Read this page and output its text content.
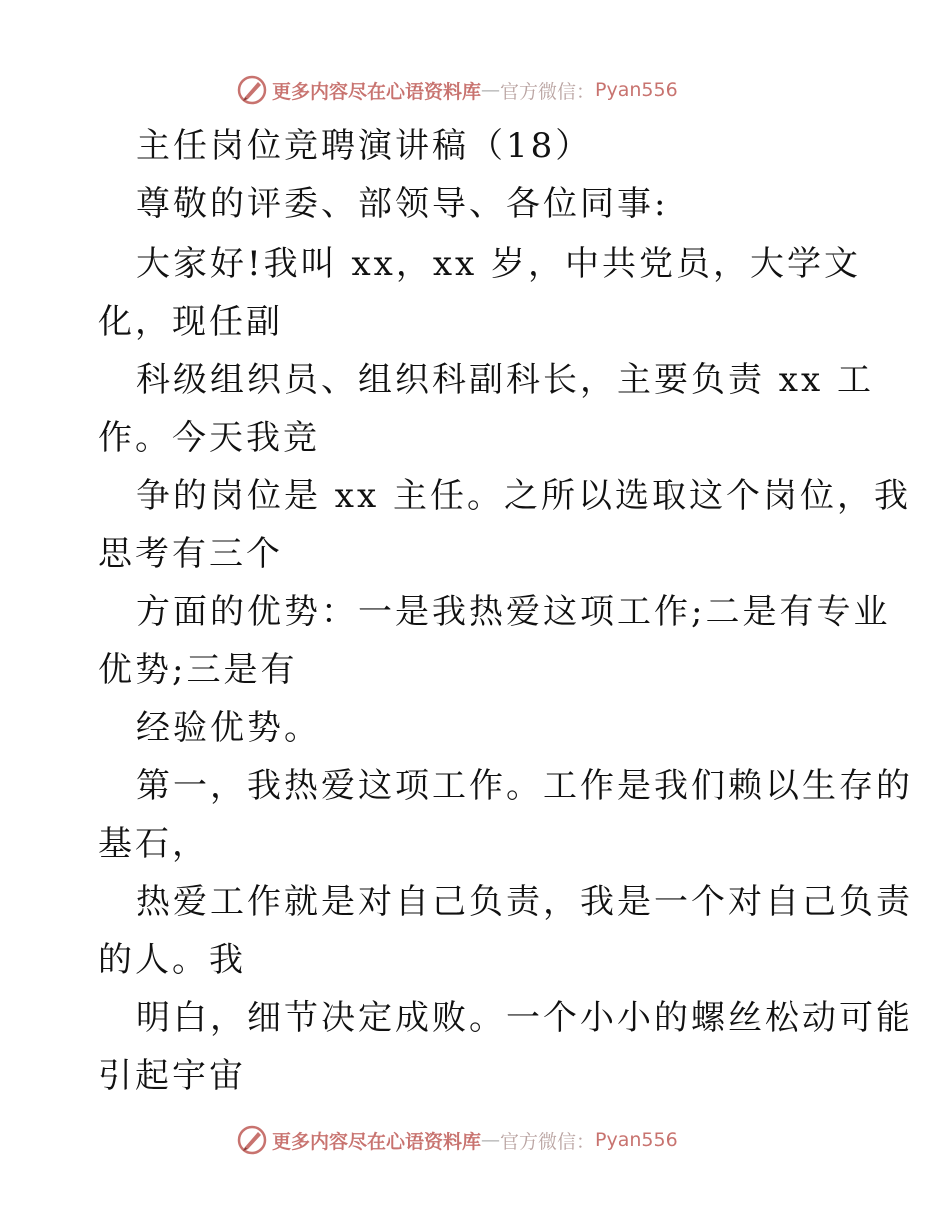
更多内容尽在心语资料库 — 官方微信： Pyan556
主任岗位竞聘演讲稿（18）
尊敬的评委、部领导、各位同事:
大家好!我叫 xx，xx 岁，中共党员，大学文
化，现任副
科级组织员、组织科副科长，主要负责 xx 工
作。今天我竞
争的岗位是 xx 主任。之所以选取这个岗位，我
思考有三个
方面的优势：一是我热爱这项工作;二是有专业
优势;三是有
经验优势。
第一，我热爱这项工作。工作是我们赖以生存的
基石，
热爱工作就是对自己负责，我是一个对自己负责
的人。我
明白，细节决定成败。一个小小的螺丝松动可能
引起宇宙
更多内容尽在心语资料库 — 官方微信： Pyan556
